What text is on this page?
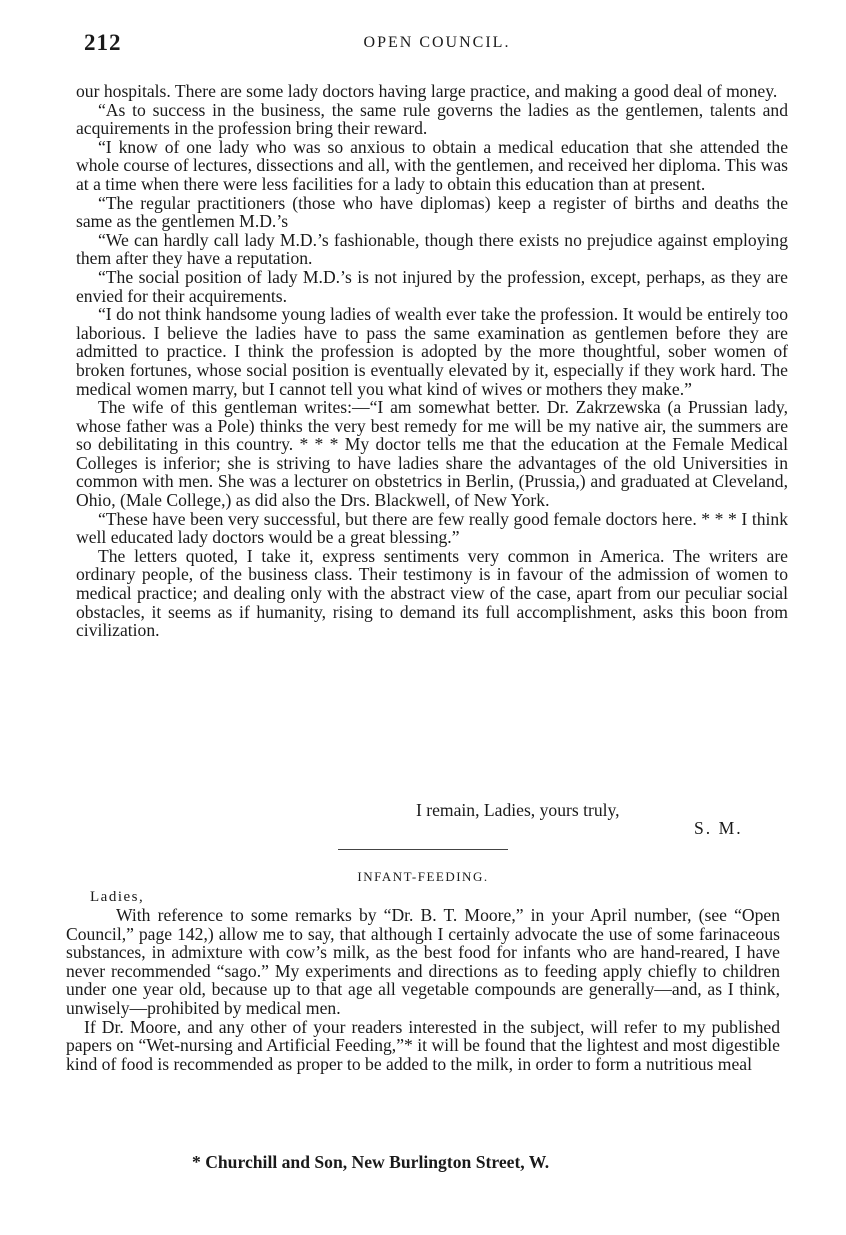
212	OPEN COUNCIL.

our hospitals. There are some lady doctors having large practice, and making a good deal of money.

“As to success in the business, the same rule governs the ladies as the gentlemen, talents and acquirements in the profession bring their reward.

“I know of one lady who was so anxious to obtain a medical education that she attended the whole course of lectures, dissections and all, with the gentlemen, and received her diploma. This was at a time when there were less facilities for a lady to obtain this education than at present.

“The regular practitioners (those who have diplomas) keep a register of births and deaths the same as the gentlemen M.D.’s

“We can hardly call lady M.D.’s fashionable, though there exists no prejudice against employing them after they have a reputation.

“The social position of lady M.D.’s is not injured by the profession, except, perhaps, as they are envied for their acquirements.

“I do not think handsome young ladies of wealth ever take the profession. It would be entirely too laborious. I believe the ladies have to pass the same examination as gentlemen before they are admitted to practice. I think the profession is adopted by the more thoughtful, sober women of broken fortunes, whose social position is eventually elevated by it, especially if they work hard. The medical women marry, but I cannot tell you what kind of wives or mothers they make.”

The wife of this gentleman writes:—“I am somewhat better. Dr. Zakrzewska (a Prussian lady, whose father was a Pole) thinks the very best remedy for me will be my native air, the summers are so debilitating in this country. * * * My doctor tells me that the education at the Female Medical Colleges is inferior; she is striving to have ladies share the advantages of the old Universities in common with men. She was a lecturer on obstetrics in Berlin, (Prussia,) and graduated at Cleveland, Ohio, (Male College,) as did also the Drs. Blackwell, of New York.

“These have been very successful, but there are few really good female doctors here. * * * I think well educated lady doctors would be a great blessing.”

The letters quoted, I take it, express sentiments very common in America. The writers are ordinary people, of the business class. Their testimony is in favour of the admission of women to medical practice; and dealing only with the abstract view of the case, apart from our peculiar social obstacles, it seems as if humanity, rising to demand its full accomplishment, asks this boon from civilization.

I remain, Ladies, yours truly,
S. M.
INFANT-FEEDING.
Ladies,

With reference to some remarks by “Dr. B. T. Moore,” in your April number, (see “Open Council,” page 142,) allow me to say, that although I certainly advocate the use of some farinaceous substances, in admixture with cow’s milk, as the best food for infants who are hand-reared, I have never recommended “sago.” My experiments and directions as to feeding apply chiefly to children under one year old, because up to that age all vegetable compounds are generally—and, as I think, unwisely—prohibited by medical men.

If Dr. Moore, and any other of your readers interested in the subject, will refer to my published papers on “Wet-nursing and Artificial Feeding,”* it will be found that the lightest and most digestible kind of food is recommended as proper to be added to the milk, in order to form a nutritious meal

* Churchill and Son, New Burlington Street, W.
